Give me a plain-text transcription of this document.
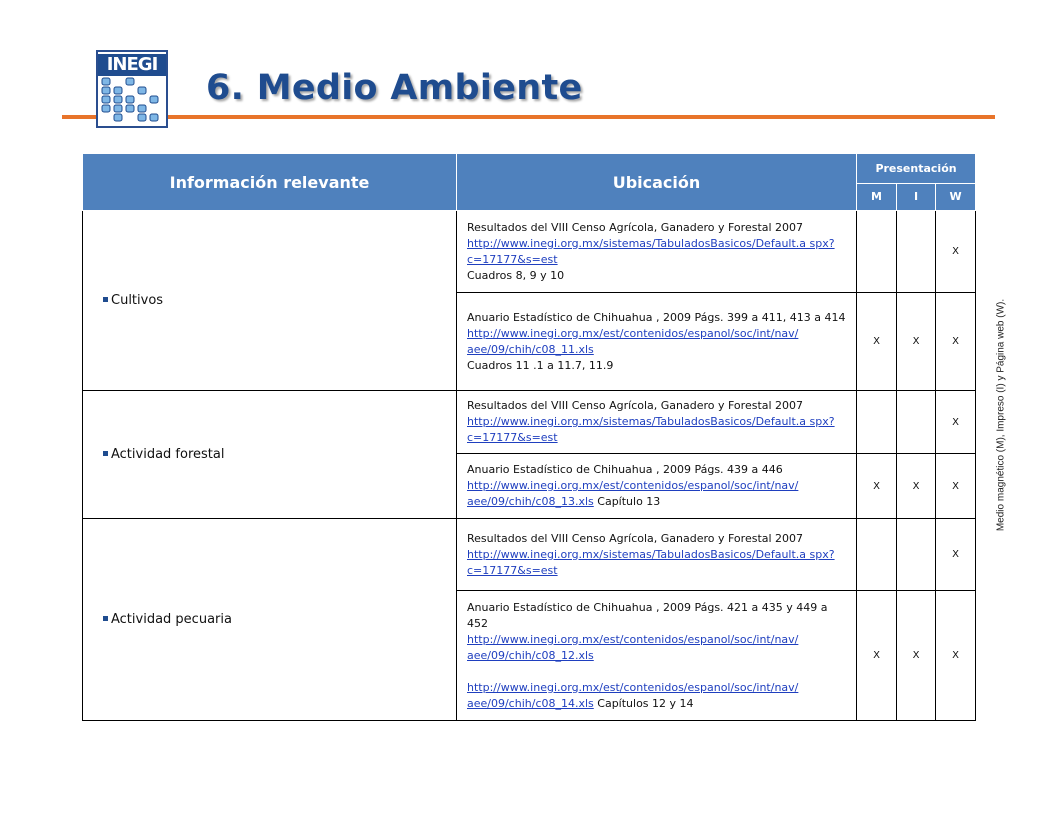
INEGI
6. Medio Ambiente
Información relevante	Ubicación	Presentación		
		M	I	W
Cultivos	Resultados del VIII Censo Agrícola, Ganadero y Forestal 2007
http://www.inegi.org.mx/sistemas/TabuladosBasicos/Default.a spx?c=17177&s=est
Cuadros 8, 9 y 10			X

	Anuario Estadístico de Chihuahua , 2009 Págs. 399 a 411, 413 a 414
http://www.inegi.org.mx/est/contenidos/espanol/soc/int/nav/ aee/09/chih/c08_11.xls
Cuadros 11 .1 a 11.7, 11.9	X	X	X
Actividad forestal	Resultados del VIII Censo Agrícola, Ganadero y Forestal 2007
http://www.inegi.org.mx/sistemas/TabuladosBasicos/Default.a spx?c=17177&s=est			X

	Anuario Estadístico de Chihuahua , 2009 Págs. 439 a 446
http://www.inegi.org.mx/est/contenidos/espanol/soc/int/nav/ aee/09/chih/c08_13.xls Capítulo 13	X	X	X
Actividad pecuaria	Resultados del VIII Censo Agrícola, Ganadero y Forestal 2007
http://www.inegi.org.mx/sistemas/TabuladosBasicos/Default.a spx?c=17177&s=est			X

	Anuario Estadístico de Chihuahua , 2009 Págs. 421 a 435 y 449 a 452
http://www.inegi.org.mx/est/contenidos/espanol/soc/int/nav/ aee/09/chih/c08_12.xls
http://www.inegi.org.mx/est/contenidos/espanol/soc/int/nav/ aee/09/chih/c08_14.xls Capítulos 12 y 14	X	X	X
Medio magnético (M), Impreso (I) y Página web (W).
